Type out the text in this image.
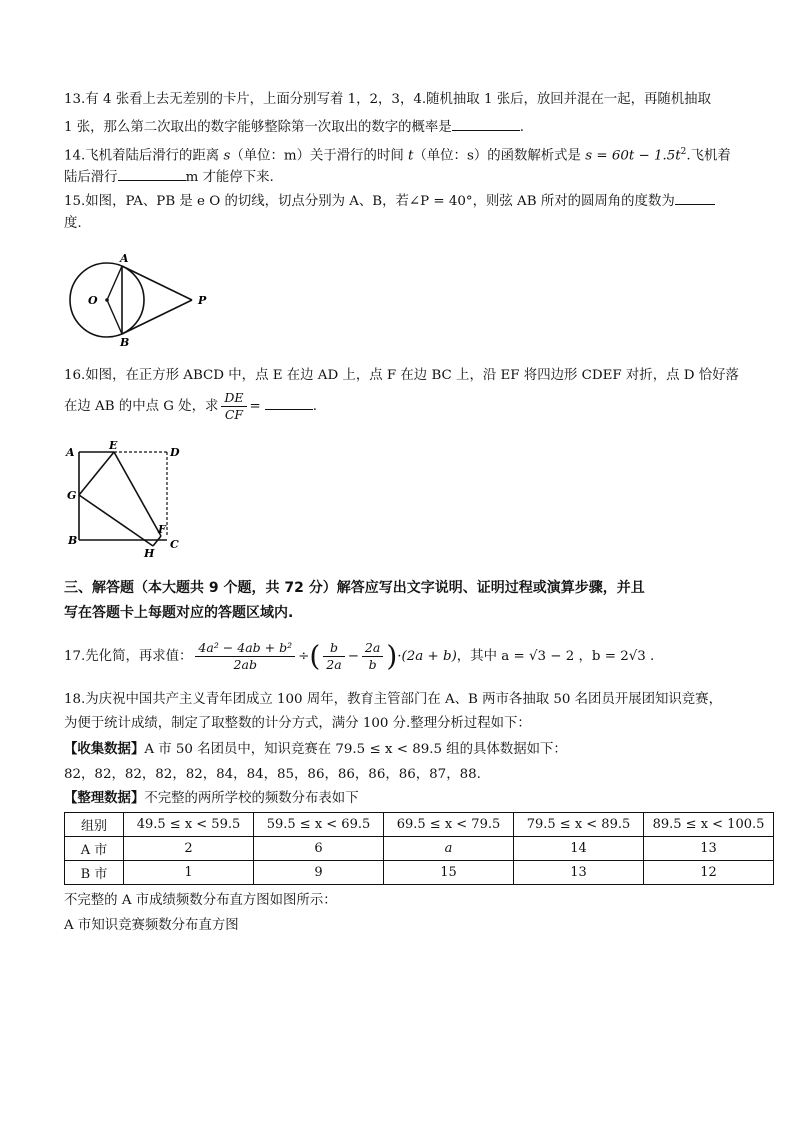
13.有 4 张看上去无差别的卡片，上面分别写着 1，2，3，4.随机抽取 1 张后，放回并混在一起，再随机抽取
1 张，那么第二次取出的数字能够整除第一次取出的数字的概率是	.
14.飞机着陆后滑行的距离 s（单位：m）关于滑行的时间 t（单位：s）的函数解析式是 $s = 60t - 1.5t^2$.飞机着
陆后滑行	m 才能停下来.
15.如图，PA、PB 是 e O 的切线，切点分别为 A、B，若∠P = 40°，则弦 AB 所对的圆周角的度数为
度.
A
B
O	P
16.如图，在正方形 ABCD 中，点 E 在边 AD 上，点 F 在边 BC 上，沿 EF 将四边形 CDEF 对折，点 D 恰好落
在边 AB 的中点 G 处，求 $\frac{DE}{CF}$ =	.
A
E
D
G
F
B
H
C
三、解答题（本大题共 9 个题，共 72 分）解答应写出文字说明、证明过程或演算步骤，并且
写在答题卡上每题对应的答题区域内.
17.先化简，再求值： $\frac{\text{4a² − 4ab + b²}}{2ab}$ ÷( $\frac{b}{2a} - \frac{2a}{b} )\cdot(2a + b)$，其中 a = √3 − 2 ，b = 2√3 .
18.为庆祝中国共产主义青年团成立 100 周年，教育主管部门在 A、B 两市各抽取 50 名团员开展团知识竞赛，
为便于统计成绩，制定了取整数的计分方式，满分 100 分.整理分析过程如下：
【收集数据】A 市 50 名团员中，知识竞赛在 79.5 ≤ x < 89.5 组的具体数据如下：
82，82，82，82，82，84，84，85，86，86，86，86，87，88.
【整理数据】不完整的两所学校的频数分布表如下
组别	49.5 ≤ x < 59.5	59.5 ≤ x < 69.5	69.5 ≤ x < 79.5	79.5 ≤ x < 89.5	89.5 ≤ x < 100.5
A 市	2	6	a	14	13
B 市	1	9	15	13	12
不完整的 A 市成绩频数分布直方图如图所示：
A 市知识竞赛频数分布直方图
